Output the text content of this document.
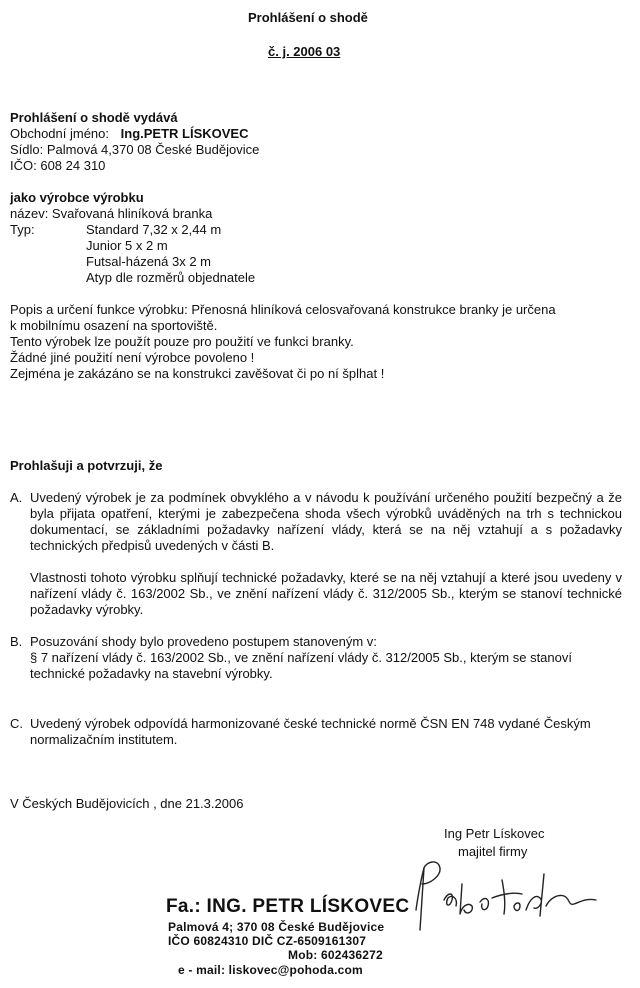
Prohlášení o shodě
č. j. 2006 03
Prohlášení o shodě vydává
Obchodní jméno: Ing.PETR LÍSKOVEC
Sídlo: Palmová 4,370 08 České Budějovice
IČO: 608 24 310
jako výrobce výrobku
název: Svařovaná hliníková branka
Typ:	Standard 7,32 x 2,44 m
Junior 5 x 2 m
Futsal-házená 3x 2 m
Atyp dle rozměrů objednatele
Popis a určení funkce výrobku: Přenosná hliníková celosvařovaná konstrukce branky je určena
k mobilnímu osazení na sportoviště.
Tento výrobek lze použít pouze pro použití ve funkci branky.
Žádné jiné použití není výrobce povoleno !
Zejména je zakázáno se na konstrukci zavěšovat či po ní šplhat !
Prohlašuji a potvrzuji, že
A. Uvedený výrobek je za podmínek obvyklého a v návodu k používání určeného použití bezpečný a že byla přijata opatření, kterými je zabezpečena shoda všech výrobků uváděných na trh s technickou dokumentací, se základními požadavky nařízení vlády, která se na něj vztahují a s požadavky technických předpisů uvedených v části B.
Vlastnosti tohoto výrobku splňují technické požadavky, které se na něj vztahují a které jsou uvedeny v nařízení vlády č. 163/2002 Sb., ve znění nařízení vlády č. 312/2005 Sb., kterým se stanoví technické požadavky výrobky.
B. Posuzování shody bylo provedeno postupem stanoveným v:
§ 7 nařízení vlády č. 163/2002 Sb., ve znění nařízení vlády č. 312/2005 Sb., kterým se stanoví technické požadavky na stavební výrobky.
C. Uvedený výrobek odpovídá harmonizované české technické normě ČSN EN 748 vydané Českým normalizačním institutem.
V Českých Budějovicích , dne 21.3.2006
Ing Petr Lískovec
majitel firmy
Fa.: ING. PETR LÍSKOVEC
Palmová 4; 370 08 České Budějovice
IČO 60824310 DIČ CZ-6509161307
Mob: 602436272
e - mail: liskovec@pohoda.com
